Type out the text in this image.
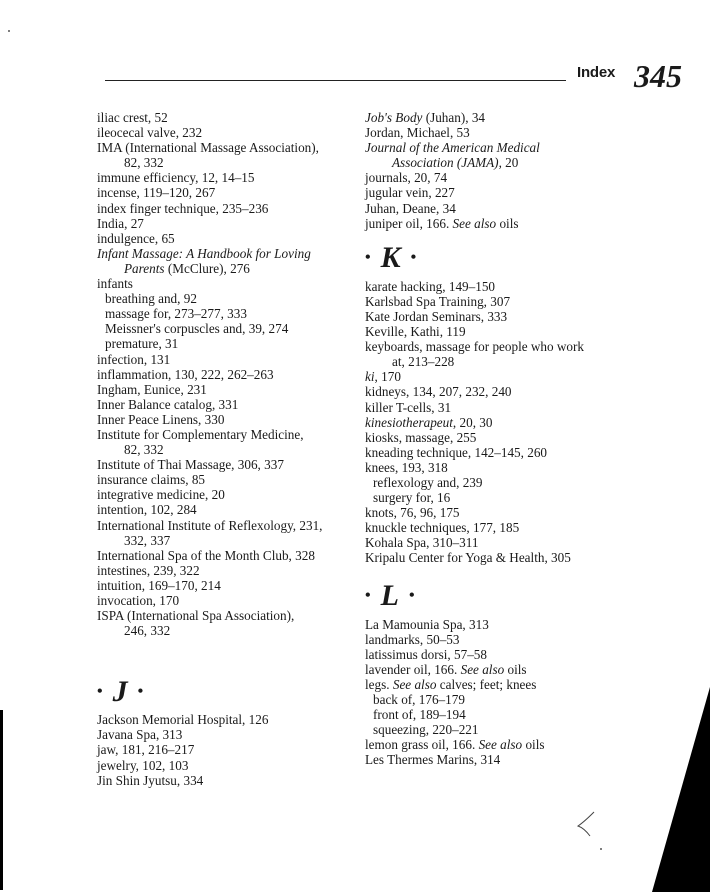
Index 345
iliac crest, 52
ileocecal valve, 232
IMA (International Massage Association),
82, 332
immune efficiency, 12, 14–15
incense, 119–120, 267
index finger technique, 235–236
India, 27
indulgence, 65
Infant Massage: A Handbook for Loving
Parents (McClure), 276
infants
breathing and, 92
massage for, 273–277, 333
Meissner's corpuscles and, 39, 274
premature, 31
infection, 131
inflammation, 130, 222, 262–263
Ingham, Eunice, 231
Inner Balance catalog, 331
Inner Peace Linens, 330
Institute for Complementary Medicine,
82, 332
Institute of Thai Massage, 306, 337
insurance claims, 85
integrative medicine, 20
intention, 102, 284
International Institute of Reflexology, 231,
332, 337
International Spa of the Month Club, 328
intestines, 239, 322
intuition, 169–170, 214
invocation, 170
ISPA (International Spa Association),
246, 332
• J •
Jackson Memorial Hospital, 126
Javana Spa, 313
jaw, 181, 216–217
jewelry, 102, 103
Jin Shin Jyutsu, 334
Job's Body (Juhan), 34
Jordan, Michael, 53
Journal of the American Medical
Association (JAMA), 20
journals, 20, 74
jugular vein, 227
Juhan, Deane, 34
juniper oil, 166. See also oils
• K •
karate hacking, 149–150
Karlsbad Spa Training, 307
Kate Jordan Seminars, 333
Keville, Kathi, 119
keyboards, massage for people who work
at, 213–228
ki, 170
kidneys, 134, 207, 232, 240
killer T-cells, 31
kinesiotherapeut, 20, 30
kiosks, massage, 255
kneading technique, 142–145, 260
knees, 193, 318
reflexology and, 239
surgery for, 16
knots, 76, 96, 175
knuckle techniques, 177, 185
Kohala Spa, 310–311
Kripalu Center for Yoga & Health, 305
• L •
La Mamounia Spa, 313
landmarks, 50–53
latissimus dorsi, 57–58
lavender oil, 166. See also oils
legs. See also calves; feet; knees
back of, 176–179
front of, 189–194
squeezing, 220–221
lemon grass oil, 166. See also oils
Les Thermes Marins, 314
